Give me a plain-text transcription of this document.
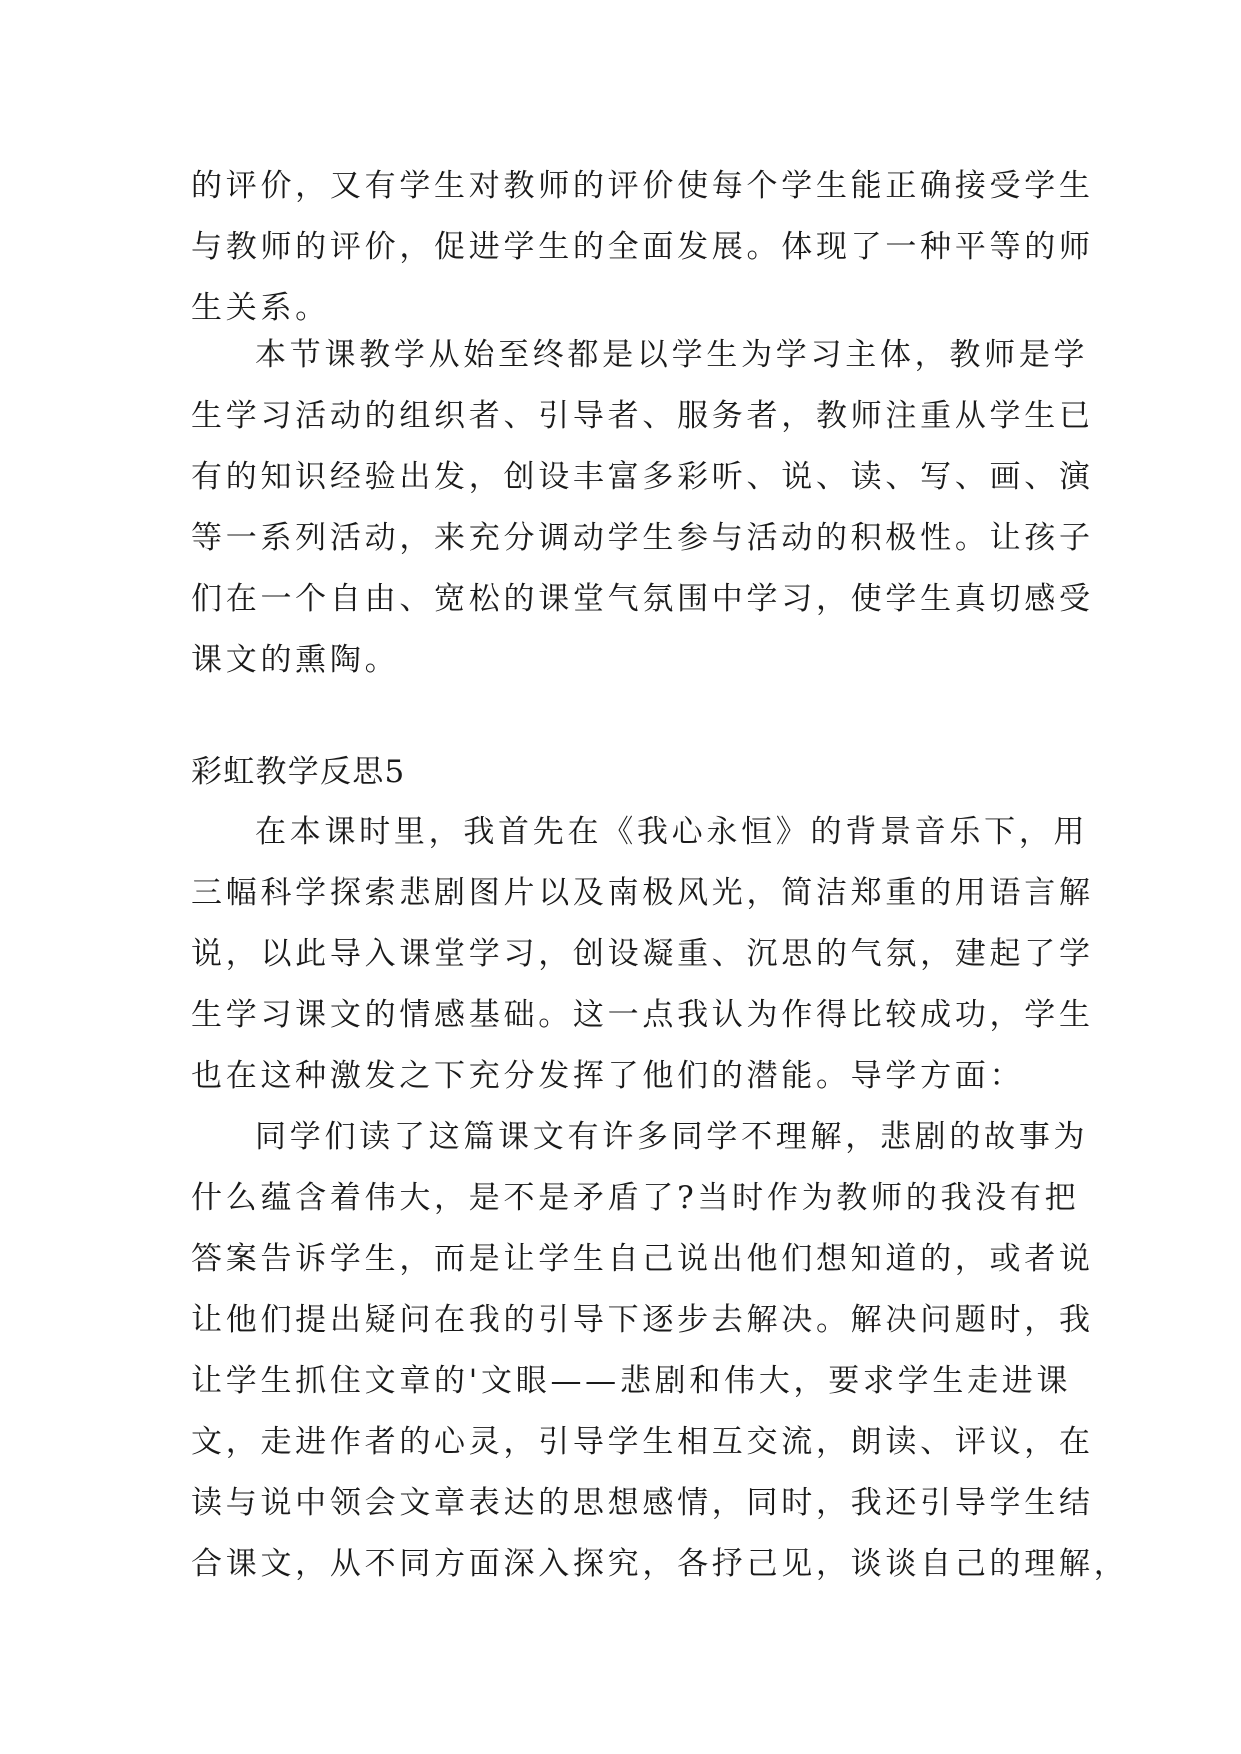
的评价，又有学生对教师的评价使每个学生能正确接受学生
与教师的评价，促进学生的全面发展。体现了一种平等的师
生关系。
本节课教学从始至终都是以学生为学习主体，教师是学
生学习活动的组织者、引导者、服务者，教师注重从学生已
有的知识经验出发，创设丰富多彩听、说、读、写、画、演
等一系列活动，来充分调动学生参与活动的积极性。让孩子
们在一个自由、宽松的课堂气氛围中学习，使学生真切感受
课文的熏陶。
彩虹教学反思5
在本课时里，我首先在《我心永恒》的背景音乐下，用
三幅科学探索悲剧图片以及南极风光，简洁郑重的用语言解
说，以此导入课堂学习，创设凝重、沉思的气氛，建起了学
生学习课文的情感基础。这一点我认为作得比较成功，学生
也在这种激发之下充分发挥了他们的潜能。导学方面：
同学们读了这篇课文有许多同学不理解，悲剧的故事为
什么蕴含着伟大，是不是矛盾了?当时作为教师的我没有把
答案告诉学生，而是让学生自己说出他们想知道的，或者说
让他们提出疑问在我的引导下逐步去解决。解决问题时，我
让学生抓住文章的'文眼——悲剧和伟大，要求学生走进课
文，走进作者的心灵，引导学生相互交流，朗读、评议，在
读与说中领会文章表达的思想感情，同时，我还引导学生结
合课文，从不同方面深入探究，各抒己见，谈谈自己的理解，
